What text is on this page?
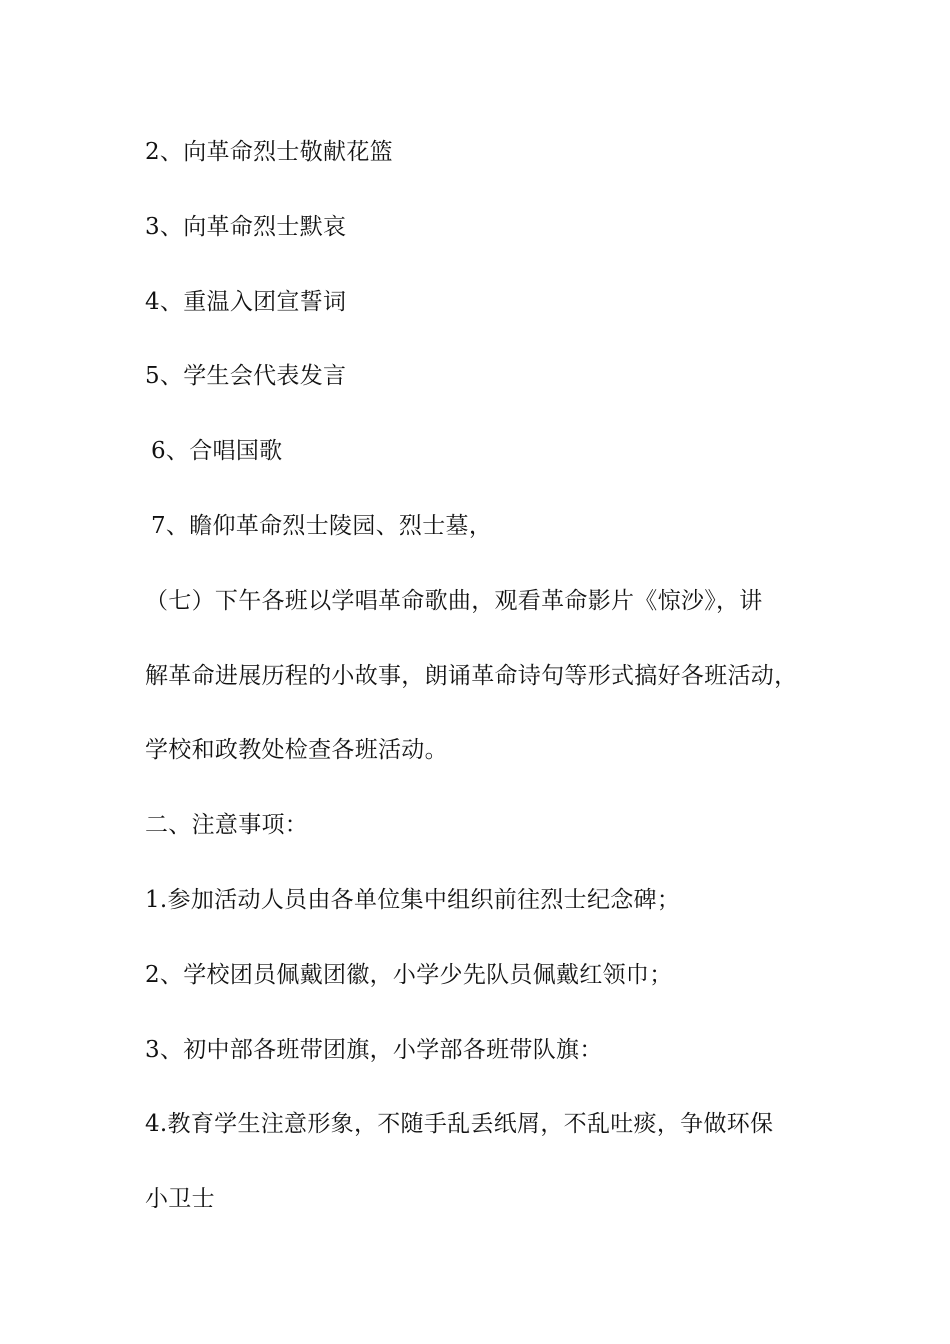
2、向革命烈士敬献花篮
3、向革命烈士默哀
4、重温入团宣誓词
5、学生会代表发言
6、合唱国歌
7、瞻仰革命烈士陵园、烈士墓，
（七）下午各班以学唱革命歌曲，观看革命影片《惊沙》，讲
解革命进展历程的小故事，朗诵革命诗句等形式搞好各班活动，
学校和政教处检查各班活动。
二、注意事项：
1.参加活动人员由各单位集中组织前往烈士纪念碑；
2、学校团员佩戴团徽，小学少先队员佩戴红领巾；
3、初中部各班带团旗，小学部各班带队旗：
4.教育学生注意形象，不随手乱丢纸屑，不乱吐痰，争做环保
小卫士
